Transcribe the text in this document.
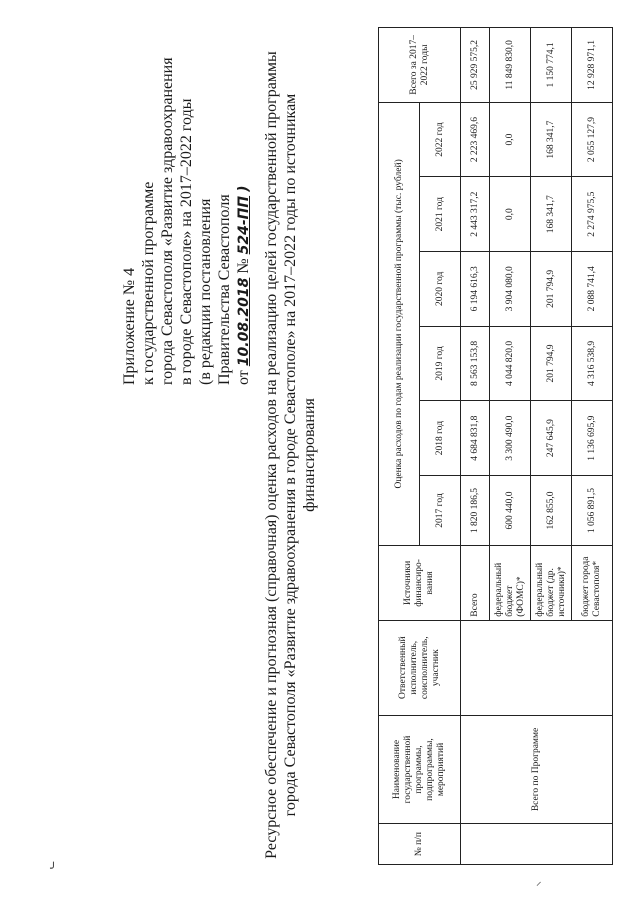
Приложение № 4 к государственной программе города Севастополя «Развитие здравоохранения в городе Севастополе» на 2017–2022 годы (в редакции постановления Правительства Севастополя от 10.08.2018 № 524-ПП ) Ресурсное обеспечение и прогнозная (справочная) оценка расходов на реализацию целей государственной программы города Севастополя «Развитие здравоохранения в городе Севастополе» на 2017–2022 годы по источникам финансирования
№ п/п	Наименование государственной программы, подпрограммы, мероприятий	Ответственный исполнитель, соисполнитель, участник	Источники финансиро-вания	Оценка расходов по годам реализации государственной программы (тыс. рублей)						Всего за 2017–2022 годы
				2017 год	2018 год	2019 год	2020 год	2021 год	2022 год	
	Всего по Программе		Всего	1 820 186,5	4 684 831,8	8 563 153,8	6 194 616,3	2 443 317,2	2 223 469,6	25 929 575,2
			федеральный бюджет (ФОМС)*	600 440,0	3 300 490,0	4 044 820,0	3 904 080,0	0,0	0,0	11 849 830,0
			федеральный бюджет (др. источники)*	162 855,0	247 645,9	201 794,9	201 794,9	168 341,7	168 341,7	1 150 774,1
			бюджет города Севастополя*	1 056 891,5	1 136 695,9	4 316 538,9	2 088 741,4	2 274 975,5	2 055 127,9	12 928 971,1
╯
⸝
